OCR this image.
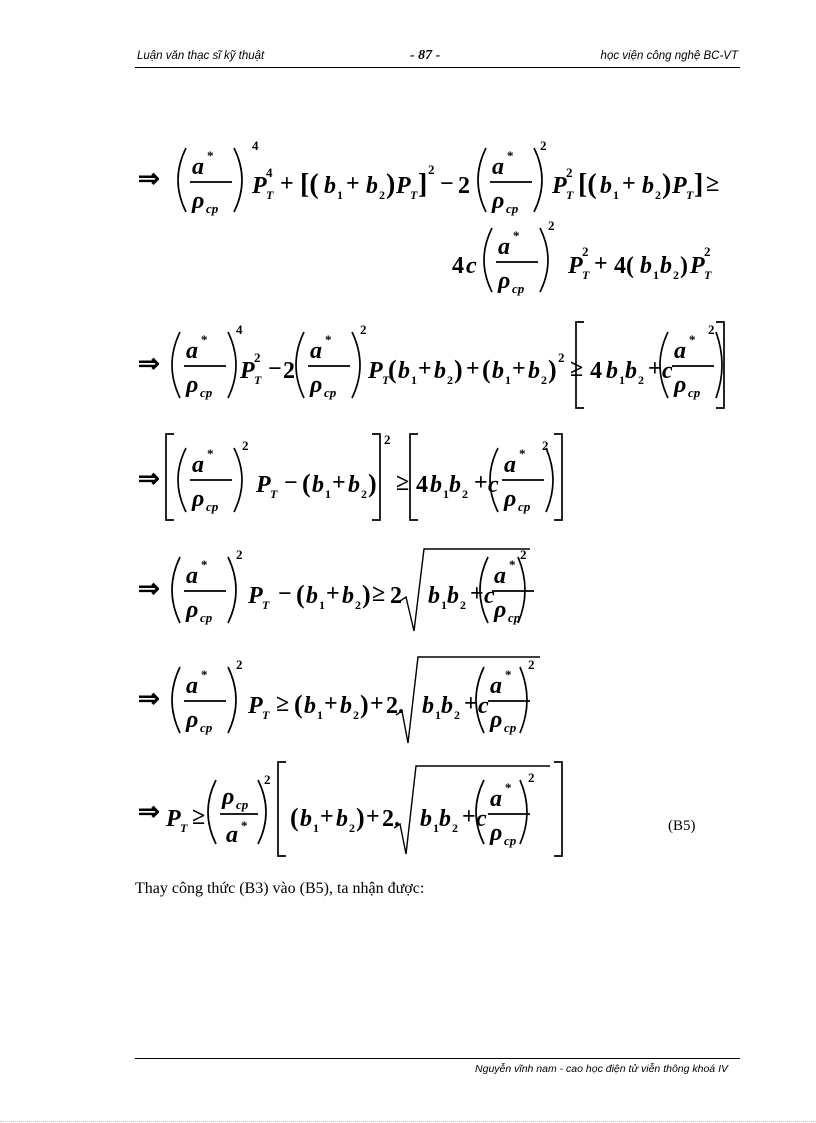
Luận văn thạc sĩ kỹ thuật	- 87 -	học viện công nghệ BC-VT
⇒ a *
ρ cp
4
P T
4 + [( b 1 + b 2 ) P T ] 2
− 2
a *
ρ cp
2
P T
2 [( b 1 + b 2 ) P T ] ≥
4 c
a *
ρ cp
2
P T
2 + 4( b 1 b 2 ) P T
2
⇒ a *
ρ cp
4
P T
2 − 2
a *
ρ cp
2
P T
( b 1 + b 2 ) + ( b 1 + b 2 ) 2 ≥ 4 b 1 b 2 + c
a *
ρ cp
2
⇒ a *
ρ cp
2
P T − ( b 1 + b 2 )
2
≥ 4 b 1 b 2 + c
a *
ρ cp
2
⇒ a *
ρ cp
2
P T − ( b 1 + b 2 ) ≥ 2 b 1 b 2 + c
a *
ρ cp
2
⇒ a *
ρ cp
2
P T ≥ ( b 1 + b 2 ) + 2. b 1 b 2 + c
a *
ρ cp
2
⇒ P T ≥
ρ cp
a *
2
( b 1 + b 2 ) + 2. b 1 b 2 + c
a *
ρ cp
2
(B5)
Thay công thức (B3) vào (B5), ta nhận được:
Nguyễn vĩnh nam - cao học điện tử viễn thông khoá IV
